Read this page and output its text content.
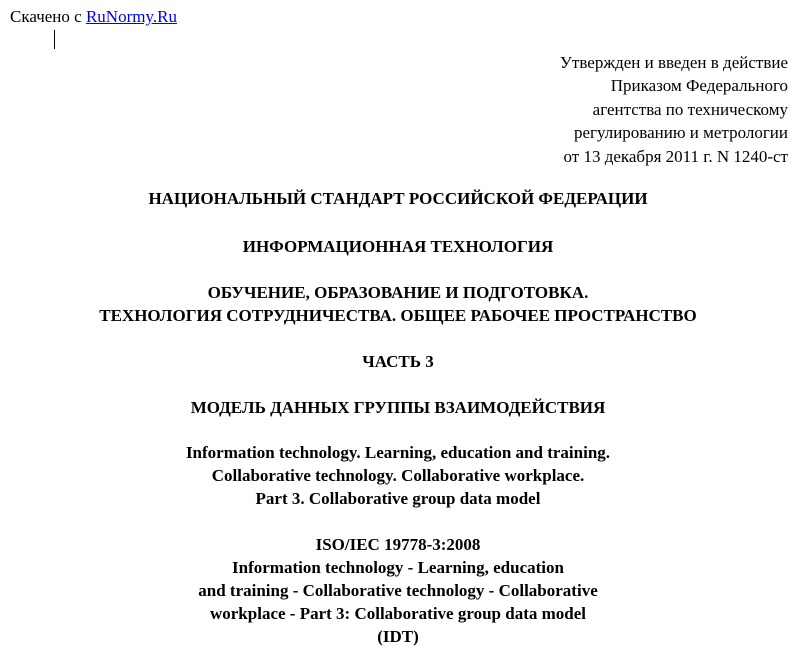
Скачено с RuNormy.Ru
Утвержден и введен в действие
Приказом Федерального
агентства по техническому
регулированию и метрологии
от 13 декабря 2011 г. N 1240-ст
НАЦИОНАЛЬНЫЙ СТАНДАРТ РОССИЙСКОЙ ФЕДЕРАЦИИ
ИНФОРМАЦИОННАЯ ТЕХНОЛОГИЯ
ОБУЧЕНИЕ, ОБРАЗОВАНИЕ И ПОДГОТОВКА.
ТЕХНОЛОГИЯ СОТРУДНИЧЕСТВА. ОБЩЕЕ РАБОЧЕЕ ПРОСТРАНСТВО
ЧАСТЬ 3
МОДЕЛЬ ДАННЫХ ГРУППЫ ВЗАИМОДЕЙСТВИЯ
Information technology. Learning, education and training.
Collaborative technology. Collaborative workplace.
Part 3. Collaborative group data model
ISO/IEC 19778-3:2008
Information technology - Learning, education
and training - Collaborative technology - Collaborative
workplace - Part 3: Collaborative group data model
(IDT)
